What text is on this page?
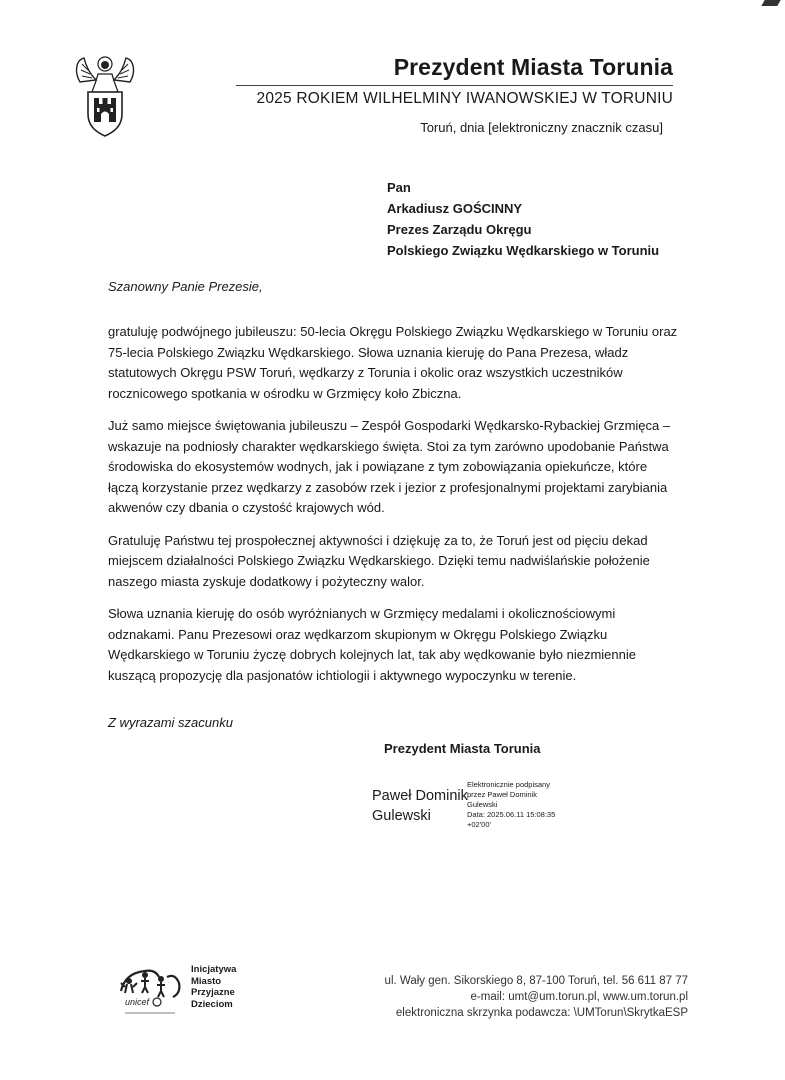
Prezydent Miasta Torunia
2025 ROKIEM WILHELMINY IWANOWSKIEJ W TORUNIU
Toruń, dnia [elektroniczny znacznik czasu]
Pan
Arkadiusz GOŚCINNY
Prezes Zarządu Okręgu
Polskiego Związku Wędkarskiego w Toruniu
Szanowny Panie Prezesie,

gratuluję podwójnego jubileuszu: 50-lecia Okręgu Polskiego Związku Wędkarskiego w Toruniu oraz 75-lecia Polskiego Związku Wędkarskiego. Słowa uznania kieruję do Pana Prezesa, władz statutowych Okręgu PSW Toruń, wędkarzy z Torunia i okolic oraz wszystkich uczestników rocznicowego spotkania w ośrodku w Grzmięcy koło Zbiczna.

Już samo miejsce świętowania jubileuszu – Zespół Gospodarki Wędkarsko-Rybackiej Grzmięca – wskazuje na podniosły charakter wędkarskiego święta. Stoi za tym zarówno upodobanie Państwa środowiska do ekosystemów wodnych, jak i powiązane z tym zobowiązania opiekuńcze, które łączą korzystanie przez wędkarzy z zasobów rzek i jezior z profesjonalnymi projektami zarybiania akwenów czy dbania o czystość krajowych wód.

Gratuluję Państwu tej prospołecznej aktywności i dziękuję za to, że Toruń jest od pięciu dekad miejscem działalności Polskiego Związku Wędkarskiego. Dzięki temu nadwiślańskie położenie naszego miasta zyskuje dodatkowy i pożyteczny walor.

Słowa uznania kieruję do osób wyróżnianych w Grzmięcy medalami i okolicznościowymi odznakami. Panu Prezesowi oraz wędkarzom skupionym w Okręgu Polskiego Związku Wędkarskiego w Toruniu życzę dobrych kolejnych lat, tak aby wędkowanie było niezmiennie kuszącą propozycję dla pasjonatów ichtiologii i aktywnego wypoczynku w terenie.

Z wyrazami szacunku
Prezydent Miasta Torunia
Paweł Dominik
Gulewski
Elektronicznie podpisany
przez Paweł Dominik
Gulewski
Data: 2025.06.11 15:08:35
+02'00'
unicef
Inicjatywa
Miasto
Przyjazne
Dzieciom
ul. Wały gen. Sikorskiego 8, 87-100 Toruń, tel. 56 611 87 77
e-mail: umt@um.torun.pl, www.um.torun.pl
elektroniczna skrzynka podawcza: \UMTorun\SkrytkaESP
